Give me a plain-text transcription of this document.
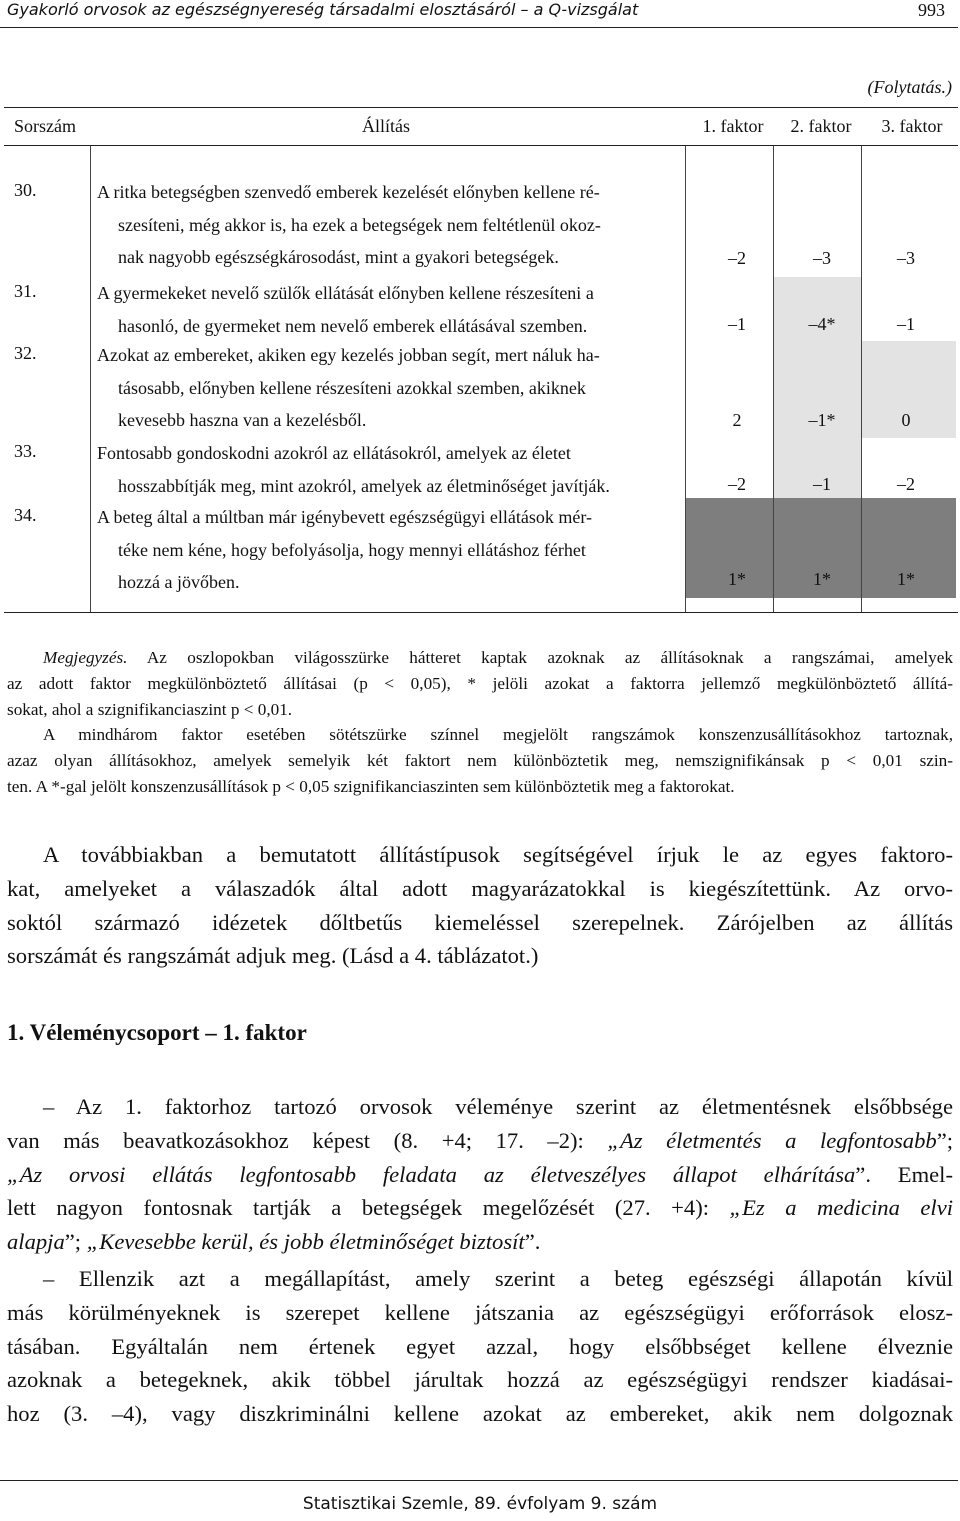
Gyakorló orvosok az egészségnyereség társadalmi elosztásáról – a Q-vizsgálat	993
(Folytatás.)
Sorszám	Állítás	1. faktor	2. faktor	3. faktor
30.	A ritka betegségben szenvedő emberek kezelését előnyben kellene ré-
szesíteni, még akkor is, ha ezek a betegségek nem feltétlenül okoz-
nak nagyobb egészségkárosodást, mint a gyakori betegségek.	–2	–3	–3
31.	A gyermekeket nevelő szülők ellátását előnyben kellene részesíteni a
hasonló, de gyermeket nem nevelő emberek ellátásával szemben.	–1	–4*	–1
32.	Azokat az embereket, akiken egy kezelés jobban segít, mert náluk ha-
tásosabb, előnyben kellene részesíteni azokkal szemben, akiknek
kevesebb haszna van a kezelésből.	2	–1*	0
33.	Fontosabb gondoskodni azokról az ellátásokról, amelyek az életet
hosszabbítják meg, mint azokról, amelyek az életminőséget javítják.	–2	–1	–2
34.	A beteg által a múltban már igénybevett egészségügyi ellátások mér-
téke nem kéne, hogy befolyásolja, hogy mennyi ellátáshoz férhet
hozzá a jövőben.	1*	1*	1*
Megjegyzés. Az oszlopokban világosszürke hátteret kaptak azoknak az állításoknak a rangszámai, amelyek
az adott faktor megkülönböztető állításai (p < 0,05), * jelöli azokat a faktorra jellemző megkülönböztető állítá-
sokat, ahol a szignifikanciaszint p < 0,01.
A mindhárom faktor esetében sötétszürke színnel megjelölt rangszámok konszenzusállításokhoz tartoznak,
azaz olyan állításokhoz, amelyek semelyik két faktort nem különböztetik meg, nemszignifikánsak p < 0,01 szin-
ten. A *-gal jelölt konszenzusállítások p < 0,05 szignifikanciaszinten sem különböztetik meg a faktorokat.
A továbbiakban a bemutatott állítástípusok segítségével írjuk le az egyes faktoro-
kat, amelyeket a válaszadók által adott magyarázatokkal is kiegészítettünk. Az orvo-
soktól származó idézetek dőltbetűs kiemeléssel szerepelnek. Zárójelben az állítás
sorszámát és rangszámát adjuk meg. (Lásd a 4. táblázatot.)
1. Véleménycsoport – 1. faktor
– Az 1. faktorhoz tartozó orvosok véleménye szerint az életmentésnek elsőbbsége
van más beavatkozásokhoz képest (8. +4; 17. –2): „Az életmentés a legfontosabb”;
„Az orvosi ellátás legfontosabb feladata az életveszélyes állapot elhárítása”. Emel-
lett nagyon fontosnak tartják a betegségek megelőzését (27. +4): „Ez a medicina elvi
alapja”; „Kevesebbe kerül, és jobb életminőséget biztosít”.
– Ellenzik azt a megállapítást, amely szerint a beteg egészségi állapotán kívül
más körülményeknek is szerepet kellene játszania az egészségügyi erőforrások elosz-
tásában. Egyáltalán nem értenek egyet azzal, hogy elsőbbséget kellene élveznie
azoknak a betegeknek, akik többel járultak hozzá az egészségügyi rendszer kiadásai-
hoz (3. –4), vagy diszkriminálni kellene azokat az embereket, akik nem dolgoznak
Statisztikai Szemle, 89. évfolyam 9. szám
